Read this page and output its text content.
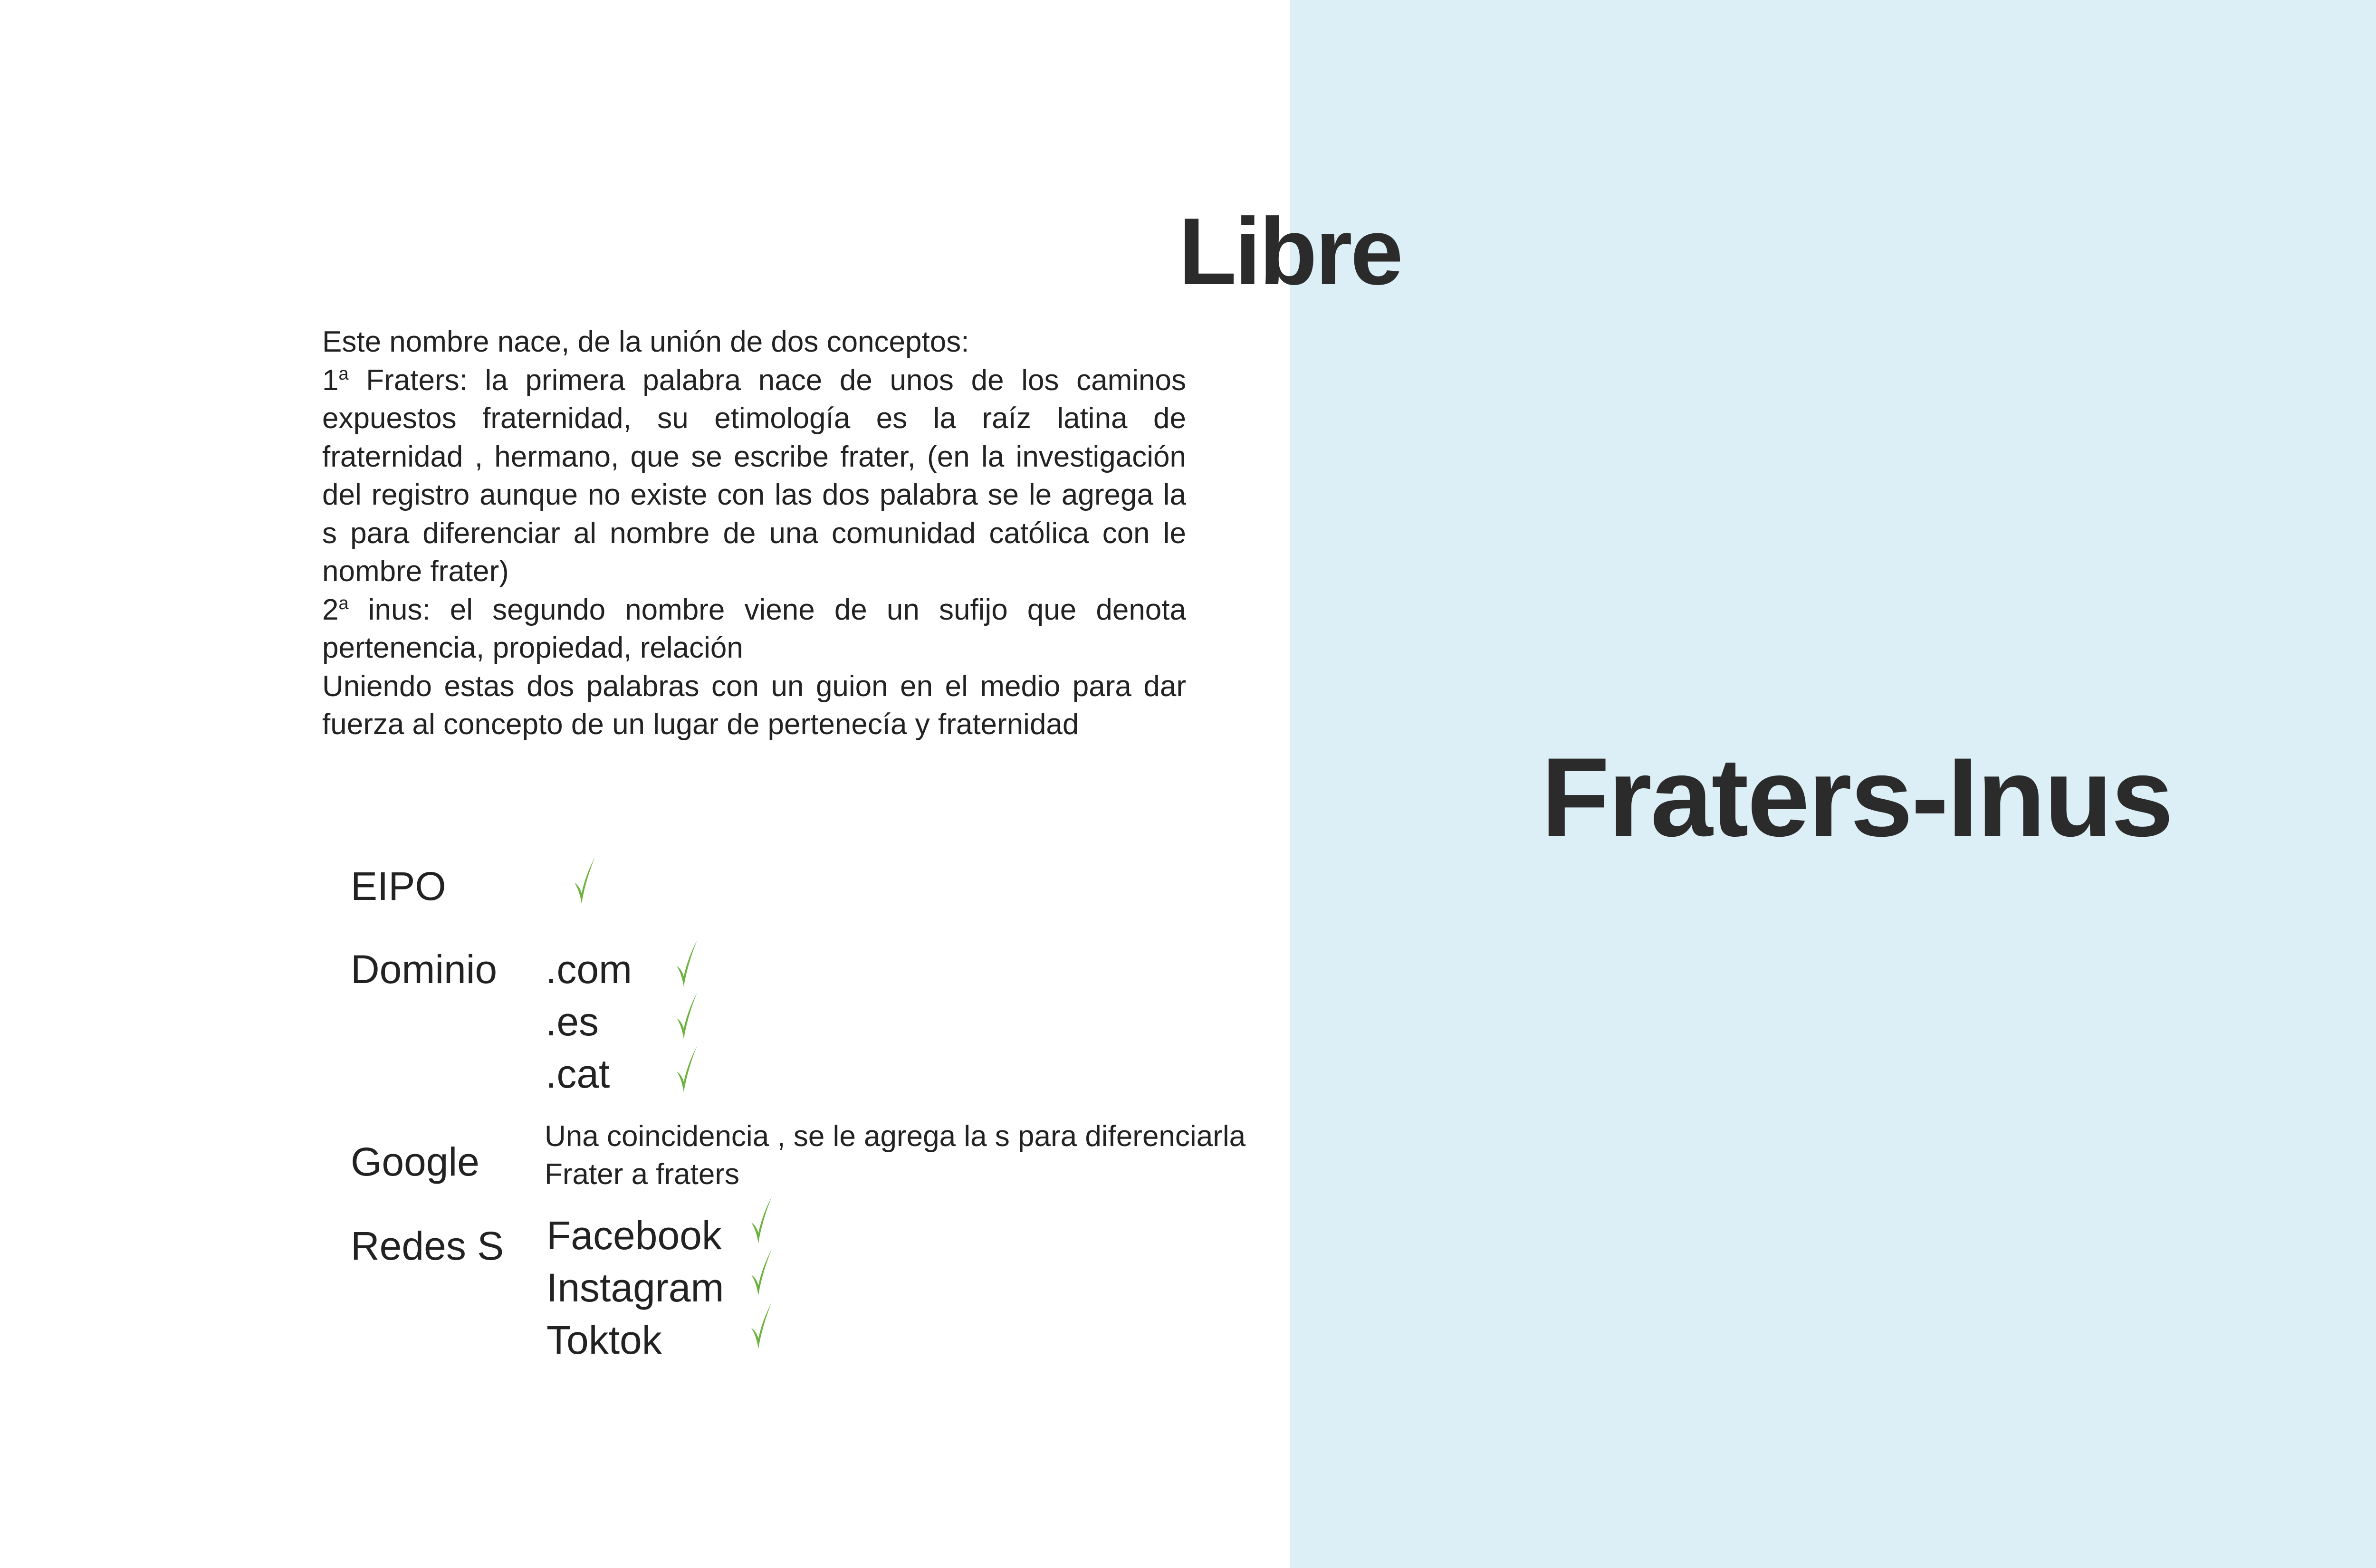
Libre
Fraters-Inus

Este nombre nace, de la unión de dos conceptos:

1$^a$ Fraters: la primera palabra nace de unos de los caminos expuestos fraternidad, su etimología es la raíz latina de fraternidad , hermano, que se escribe frater, (en la investigación del registro aunque no existe con las dos palabra se le agrega la s para diferenciar al nombre de una comunidad católica con le nombre frater)

2$^a$ inus: el segundo nombre viene de un sufijo que denota pertenencia, propiedad, relación

Uniendo estas dos palabras con un guion en el medio para dar fuerza al concepto de un lugar de pertenecía y fraternidad

EIPO
Dominio .com
.es
.cat
Google
Una coincidencia , se le agrega la s para diferenciarla
Frater a fraters
Redes S Facebook
Instagram
Toktok
